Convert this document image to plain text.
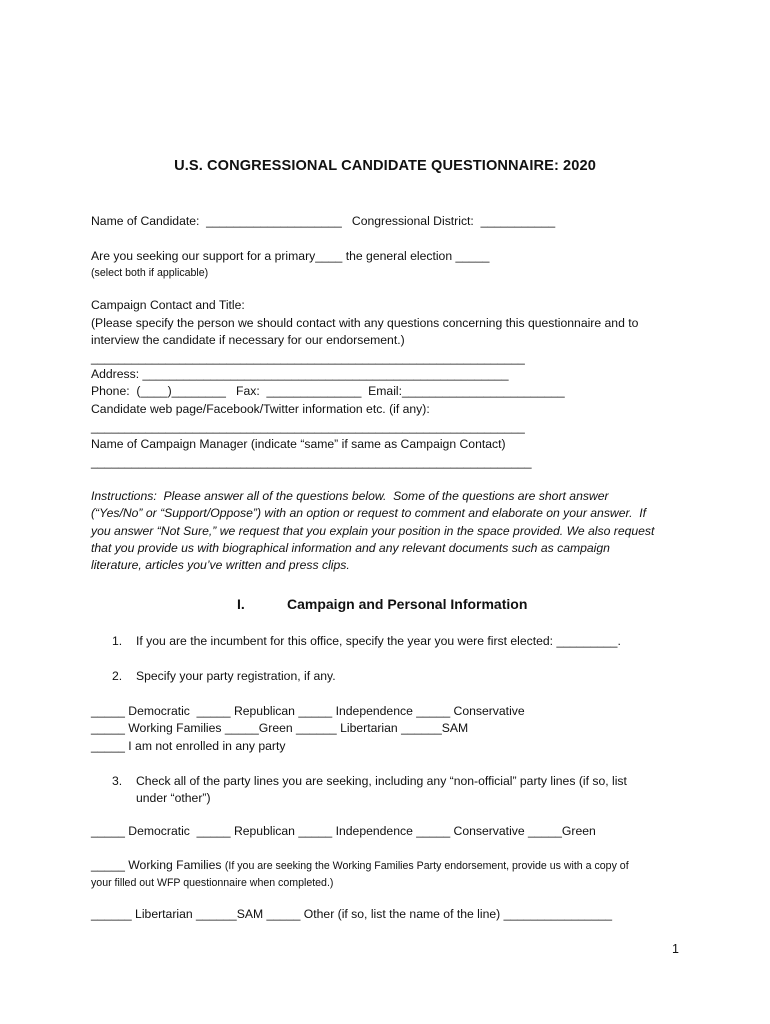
U.S. CONGRESSIONAL CANDIDATE QUESTIONNAIRE: 2020
Name of Candidate:  ____________________   Congressional District:  ___________
Are you seeking our support for a primary____ the general election _____
(select both if applicable)
Campaign Contact and Title:
(Please specify the person we should contact with any questions concerning this questionnaire and to
interview the candidate if necessary for our endorsement.)
________________________________________________________________
Address: ______________________________________________________
Phone:  (____)________   Fax:  ______________  Email:________________________
Candidate web page/Facebook/Twitter information etc. (if any):
________________________________________________________________
Name of Campaign Manager (indicate “same” if same as Campaign Contact)
_________________________________________________________________
Instructions:  Please answer all of the questions below.  Some of the questions are short answer
(“Yes/No” or “Support/Oppose”) with an option or request to comment and elaborate on your answer.  If
you answer “Not Sure,” we request that you explain your position in the space provided. We also request
that you provide us with biographical information and any relevant documents such as campaign
literature, articles you’ve written and press clips.
I.	Campaign and Personal Information
1. If you are the incumbent for this office, specify the year you were first elected: _________.
2. Specify your party registration, if any.
_____ Democratic  _____ Republican _____ Independence _____ Conservative
_____ Working Families _____Green ______ Libertarian ______SAM
_____ I am not enrolled in any party
3. Check all of the party lines you are seeking, including any “non-official” party lines (if so, list
under “other”)
_____ Democratic  _____ Republican _____ Independence _____ Conservative _____Green
_____ Working Families (If you are seeking the Working Families Party endorsement, provide us with a copy of
your filled out WFP questionnaire when completed.)
______ Libertarian ______SAM _____ Other (if so, list the name of the line) ________________
1
